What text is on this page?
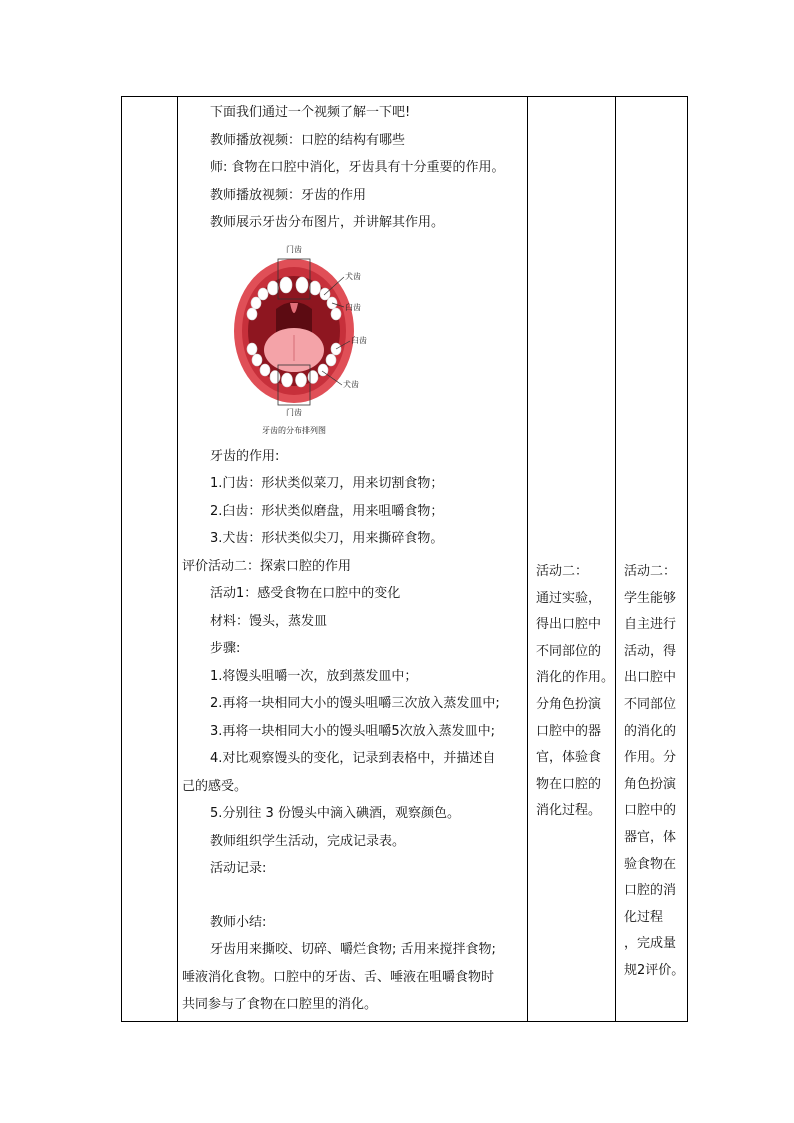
下面我们通过一个视频了解一下吧!
教师播放视频：口腔的结构有哪些
师: 食物在口腔中消化，牙齿具有十分重要的作用。
教师播放视频：牙齿的作用
教师展示牙齿分布图片，并讲解其作用。
门齿
犬齿
臼齿
臼齿
犬齿
门齿
牙齿的分布排列图
牙齿的作用:
1.门齿：形状类似菜刀，用来切割食物；
2.臼齿：形状类似磨盘，用来咀嚼食物；
3.犬齿：形状类似尖刀，用来撕碎食物。
评价活动二：探索口腔的作用
活动1：感受食物在口腔中的变化
材料：馒头，蒸发皿
步骤:
1.将馒头咀嚼一次，放到蒸发皿中；
2.再将一块相同大小的馒头咀嚼三次放入蒸发皿中;
3.再将一块相同大小的馒头咀嚼5次放入蒸发皿中;
4.对比观察馒头的变化，记录到表格中，并描述自
己的感受。
5.分别往 3 份馒头中滴入碘酒，观察颜色。
教师组织学生活动，完成记录表。
活动记录:
教师小结:
牙齿用来撕咬、切碎、嚼烂食物; 舌用来搅拌食物;
唾液消化食物。口腔中的牙齿、舌、唾液在咀嚼食物时
共同参与了食物在口腔里的消化。
活动二：
通过实验，
得出口腔中
不同部位的
消化的作用。
分角色扮演
口腔中的器
官，体验食
物在口腔的
消化过程。
活动二：
学生能够
自主进行
活动，得
出口腔中
不同部位
的消化的
作用。分
角色扮演
口腔中的
器官，体
验食物在
口腔的消
化过程
，完成量
规2评价。
